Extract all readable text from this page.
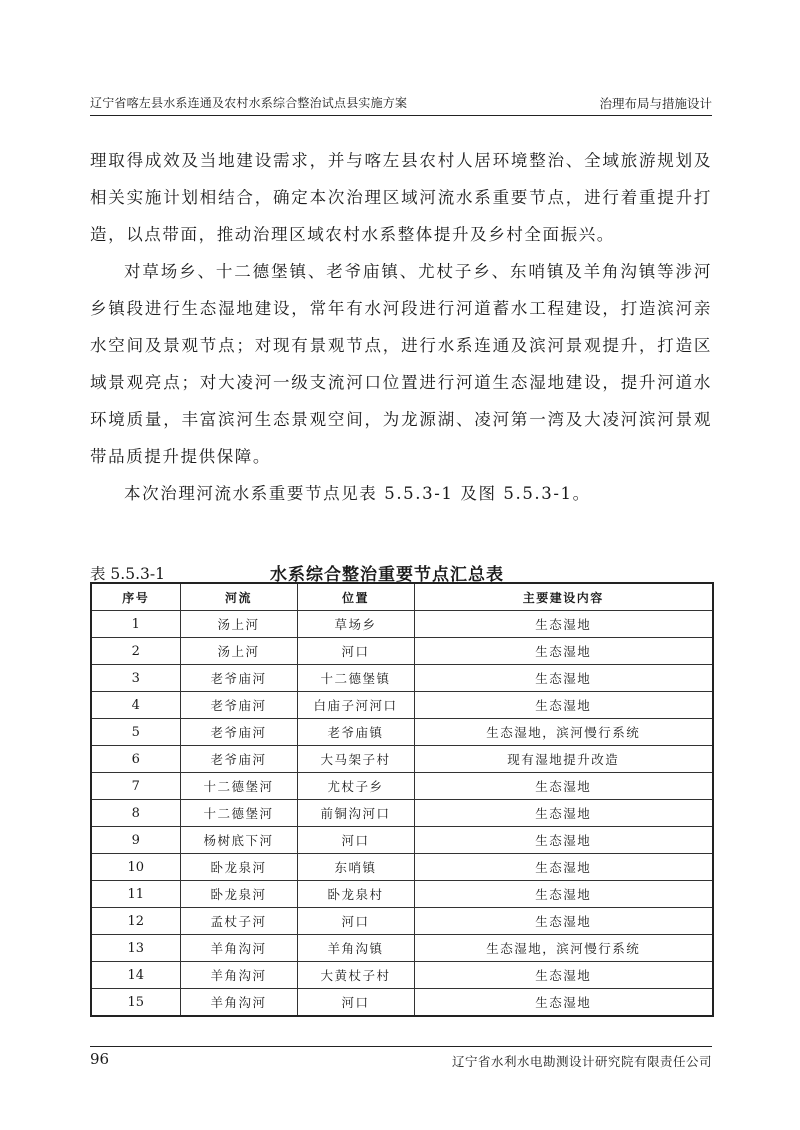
辽宁省喀左县水系连通及农村水系综合整治试点县实施方案	治理布局与措施设计

理取得成效及当地建设需求，并与喀左县农村人居环境整治、全域旅游规划及相关实施计划相结合，确定本次治理区域河流水系重要节点，进行着重提升打造，以点带面，推动治理区域农村水系整体提升及乡村全面振兴。

对草场乡、十二德堡镇、老爷庙镇、尤杖子乡、东哨镇及羊角沟镇等涉河乡镇段进行生态湿地建设，常年有水河段进行河道蓄水工程建设，打造滨河亲水空间及景观节点；对现有景观节点，进行水系连通及滨河景观提升，打造区域景观亮点；对大凌河一级支流河口位置进行河道生态湿地建设，提升河道水环境质量，丰富滨河生态景观空间，为龙源湖、凌河第一湾及大凌河滨河景观带品质提升提供保障。

本次治理河流水系重要节点见表 5.5.3-1 及图 5.5.3-1。

表 5.5.3-1	水系综合整治重要节点汇总表
序号	河流	位置	主要建设内容
1	汤上河	草场乡	生态湿地
2	汤上河	河口	生态湿地
3	老爷庙河	十二德堡镇	生态湿地
4	老爷庙河	白庙子河河口	生态湿地
5	老爷庙河	老爷庙镇	生态湿地，滨河慢行系统
6	老爷庙河	大马架子村	现有湿地提升改造
7	十二德堡河	尤杖子乡	生态湿地
8	十二德堡河	前铜沟河口	生态湿地
9	杨树底下河	河口	生态湿地
10	卧龙泉河	东哨镇	生态湿地
11	卧龙泉河	卧龙泉村	生态湿地
12	孟杖子河	河口	生态湿地
13	羊角沟河	羊角沟镇	生态湿地，滨河慢行系统
14	羊角沟河	大黄杖子村	生态湿地
15	羊角沟河	河口	生态湿地
96	辽宁省水利水电勘测设计研究院有限责任公司
